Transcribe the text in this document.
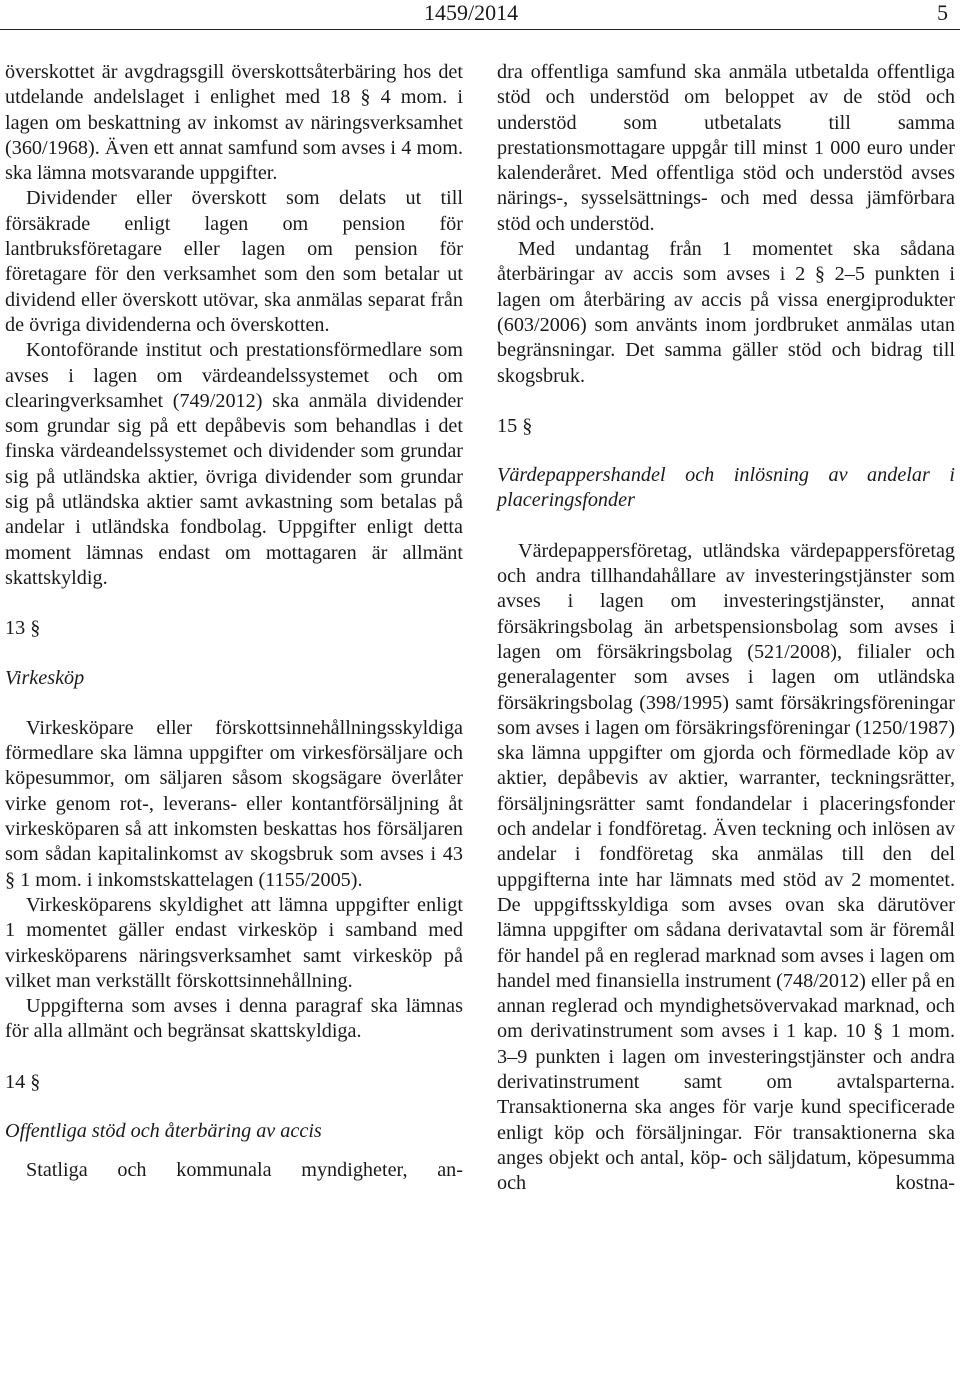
1459/2014	5

överskottet är avgdragsgill överskottsåterbäring hos det utdelande andelslaget i enlighet med 18 § 4 mom. i lagen om beskattning av inkomst av näringsverksamhet (360/1968). Även ett annat samfund som avses i 4 mom. ska lämna motsvarande uppgifter.

Dividender eller överskott som delats ut till försäkrade enligt lagen om pension för lantbruksföretagare eller lagen om pension för företagare för den verksamhet som den som betalar ut dividend eller överskott utövar, ska anmälas separat från de övriga dividenderna och överskotten.

Kontoförande institut och prestationsförmedlare som avses i lagen om värdeandelssystemet och om clearingverksamhet (749/2012) ska anmäla dividender som grundar sig på ett depåbevis som behandlas i det finska värdeandelssystemet och dividender som grundar sig på utländska aktier, övriga dividender som grundar sig på utländska aktier samt avkastning som betalas på andelar i utländska fondbolag. Uppgifter enligt detta moment lämnas endast om mottagaren är allmänt skattskyldig.

13 §

Virkesköp

Virkesköpare eller förskottsinnehållningsskyldiga förmedlare ska lämna uppgifter om virkesförsäljare och köpesummor, om säljaren såsom skogsägare överlåter virke genom rot-, leverans- eller kontantförsäljning åt virkesköparen så att inkomsten beskattas hos försäljaren som sådan kapitalinkomst av skogsbruk som avses i 43 § 1 mom. i inkomstskattelagen (1155/2005).

Virkesköparens skyldighet att lämna uppgifter enligt 1 momentet gäller endast virkesköp i samband med virkesköparens näringsverksamhet samt virkesköp på vilket man verkställt förskottsinnehållning.

Uppgifterna som avses i denna paragraf ska lämnas för alla allmänt och begränsat skattskyldiga.

14 §

Offentliga stöd och återbäring av accis

Statliga och kommunala myndigheter, an-

dra offentliga samfund ska anmäla utbetalda offentliga stöd och understöd om beloppet av de stöd och understöd som utbetalats till samma prestationsmottagare uppgår till minst 1 000 euro under kalenderåret. Med offentliga stöd och understöd avses närings-, sysselsättnings- och med dessa jämförbara stöd och understöd.

Med undantag från 1 momentet ska sådana återbäringar av accis som avses i 2 § 2–5 punkten i lagen om återbäring av accis på vissa energiprodukter (603/2006) som använts inom jordbruket anmälas utan begränsningar. Det samma gäller stöd och bidrag till skogsbruk.

15 §

Värdepappershandel och inlösning av andelar i placeringsfonder

Värdepappersföretag, utländska värdepappersföretag och andra tillhandahållare av investeringstjänster som avses i lagen om investeringstjänster, annat försäkringsbolag än arbetspensionsbolag som avses i lagen om försäkringsbolag (521/2008), filialer och generalagenter som avses i lagen om utländska försäkringsbolag (398/1995) samt försäkringsföreningar som avses i lagen om försäkringsföreningar (1250/1987) ska lämna uppgifter om gjorda och förmedlade köp av aktier, depåbevis av aktier, warranter, teckningsrätter, försäljningsrätter samt fondandelar i placeringsfonder och andelar i fondföretag. Även teckning och inlösen av andelar i fondföretag ska anmälas till den del uppgifterna inte har lämnats med stöd av 2 momentet. De uppgiftsskyldiga som avses ovan ska därutöver lämna uppgifter om sådana derivatavtal som är föremål för handel på en reglerad marknad som avses i lagen om handel med finansiella instrument (748/2012) eller på en annan reglerad och myndighetsövervakad marknad, och om derivatinstrument som avses i 1 kap. 10 § 1 mom. 3–9 punkten i lagen om investeringstjänster och andra derivatinstrument samt om avtalsparterna. Transaktionerna ska anges för varje kund specificerade enligt köp och försäljningar. För transaktionerna ska anges objekt och antal, köp- och säljdatum, köpesumma och kostna-
